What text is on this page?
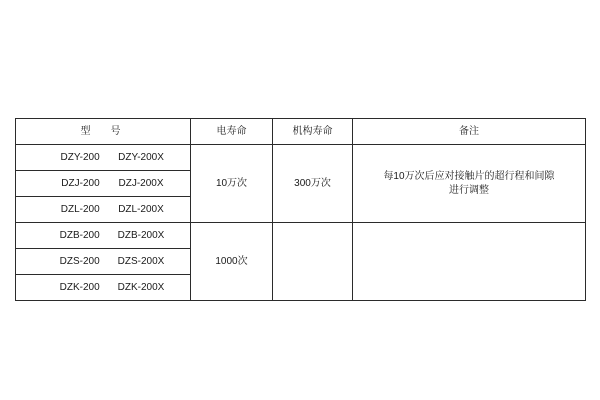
型　号	电寿命	机构寿命	备注
DZY-200 DZY-200X	10万次	300万次	每10万次后应对接触片的超行程和间隙
进行调整

DZJ-200 DZJ-200X			
DZL-200 DZL-200X			
DZB-200 DZB-200X	1000次		

DZS-200 DZS-200X			
DZK-200 DZK-200X			
